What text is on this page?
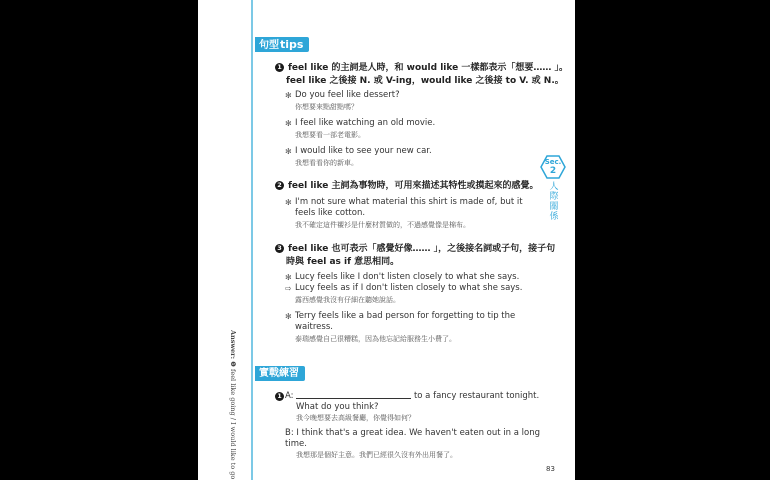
Answer: ❶ feel like going / I would like to go
句型tips
1 feel like 的主詞是人時，和 would like 一樣都表示「想要…… 」。
feel like 之後接 N. 或 V-ing，would like 之後接 to V. 或 N.。
✻ Do you feel like dessert?
你想要來點甜點嗎？
✻ I feel like watching an old movie.
我想要看一部老電影。
✻ I would like to see your new car.
我想看看你的新車。
2 feel like 主詞為事物時，可用來描述其特性或摸起來的感覺。
✻ I'm not sure what material this shirt is made of, but it feels like cotton.
我不確定這件襯衫是什麼材質做的，不過感覺像是棉布。
3 feel like 也可表示「感覺好像…… 」，之後接名詞或子句，接子句
時與 feel as if 意思相同。
✻ Lucy feels like I don't listen closely to what she says.
⇨ Lucy feels as if I don't listen closely to what she says.
露西感覺我沒有仔細在聽她說話。
✻ Terry feels like a bad person for forgetting to tip the waitress.
泰瑞感覺自己很糟糕，因為他忘記給服務生小費了。
實戰練習
1 A:	to a fancy restaurant tonight.
What do you think?
我今晚想要去高級餐廳，你覺得如何？
B: I think that's a great idea. We haven't eaten out in a long time.
我想那是個好主意。我們已經很久沒有外出用餐了。
Sec.
2
人
際
關
係
83
